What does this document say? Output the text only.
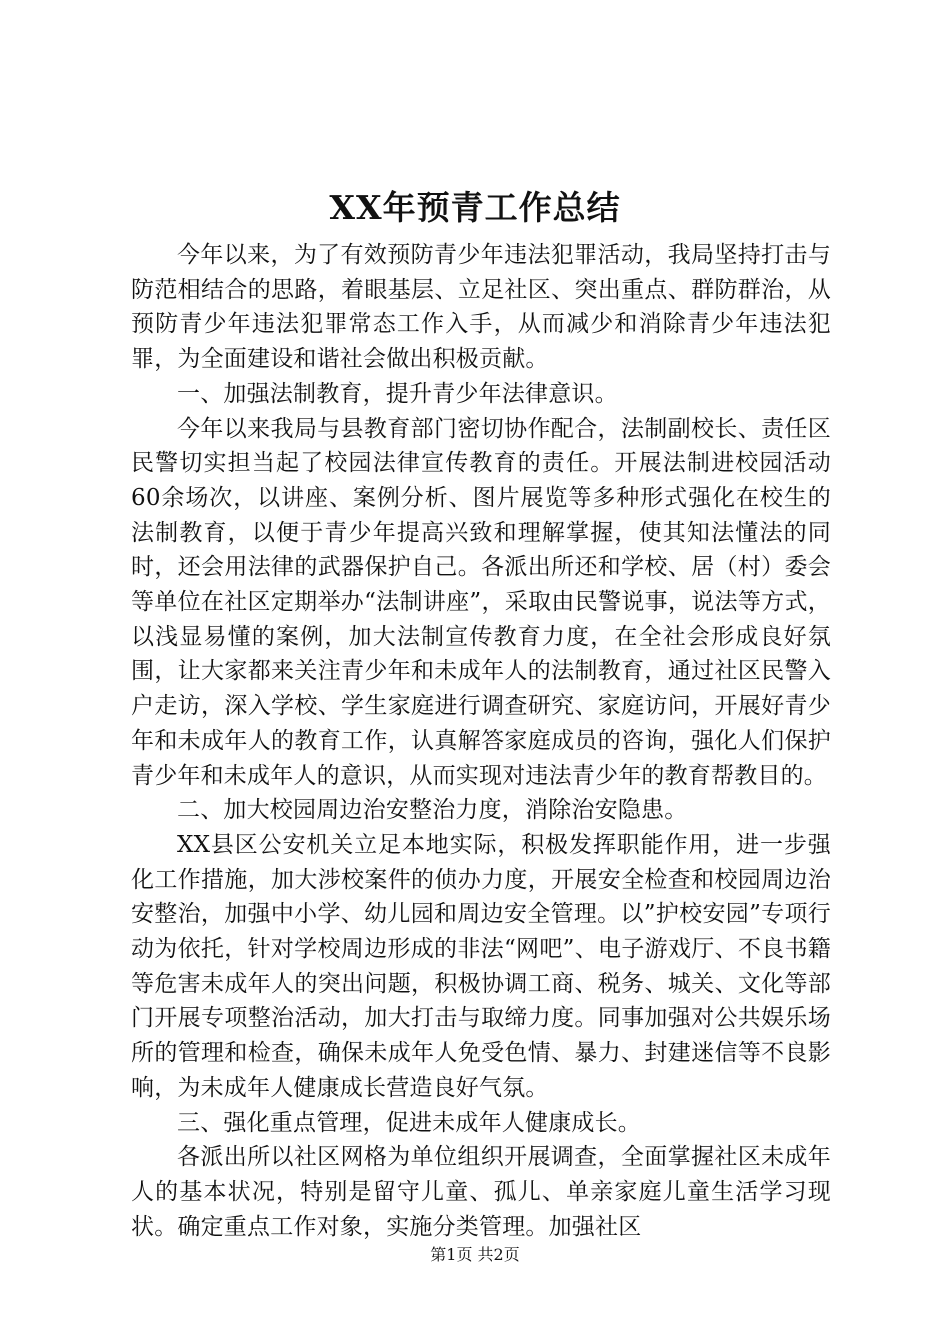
XX年预青工作总结

今年以来，为了有效预防青少年违法犯罪活动，我局坚持打击与防范相结合的思路，着眼基层、立足社区、突出重点、群防群治，从预防青少年违法犯罪常态工作入手，从而减少和消除青少年违法犯罪，为全面建设和谐社会做出积极贡献。

一、加强法制教育，提升青少年法律意识。

今年以来我局与县教育部门密切协作配合，法制副校长、责任区民警切实担当起了校园法律宣传教育的责任。开展法制进校园活动60余场次，以讲座、案例分析、图片展览等多种形式强化在校生的法制教育，以便于青少年提高兴致和理解掌握，使其知法懂法的同时，还会用法律的武器保护自己。各派出所还和学校、居（村）委会等单位在社区定期举办“法制讲座”，采取由民警说事，说法等方式，以浅显易懂的案例，加大法制宣传教育力度，在全社会形成良好氛围，让大家都来关注青少年和未成年人的法制教育，通过社区民警入户走访，深入学校、学生家庭进行调查研究、家庭访问，开展好青少年和未成年人的教育工作，认真解答家庭成员的咨询，强化人们保护青少年和未成年人的意识，从而实现对违法青少年的教育帮教目的。

二、加大校园周边治安整治力度，消除治安隐患。

XX县区公安机关立足本地实际，积极发挥职能作用，进一步强化工作措施，加大涉校案件的侦办力度，开展安全检查和校园周边治安整治，加强中小学、幼儿园和周边安全管理。以”护校安园”专项行动为依托，针对学校周边形成的非法“网吧”、电子游戏厅、不良书籍等危害未成年人的突出问题，积极协调工商、税务、城关、文化等部门开展专项整治活动，加大打击与取缔力度。同事加强对公共娱乐场所的管理和检查，确保未成年人免受色情、暴力、封建迷信等不良影响，为未成年人健康成长营造良好气氛。

三、强化重点管理，促进未成年人健康成长。

各派出所以社区网格为单位组织开展调查，全面掌握社区未成年人的基本状况，特别是留守儿童、孤儿、单亲家庭儿童生活学习现状。确定重点工作对象，实施分类管理。加强社区

第1页 共2页
